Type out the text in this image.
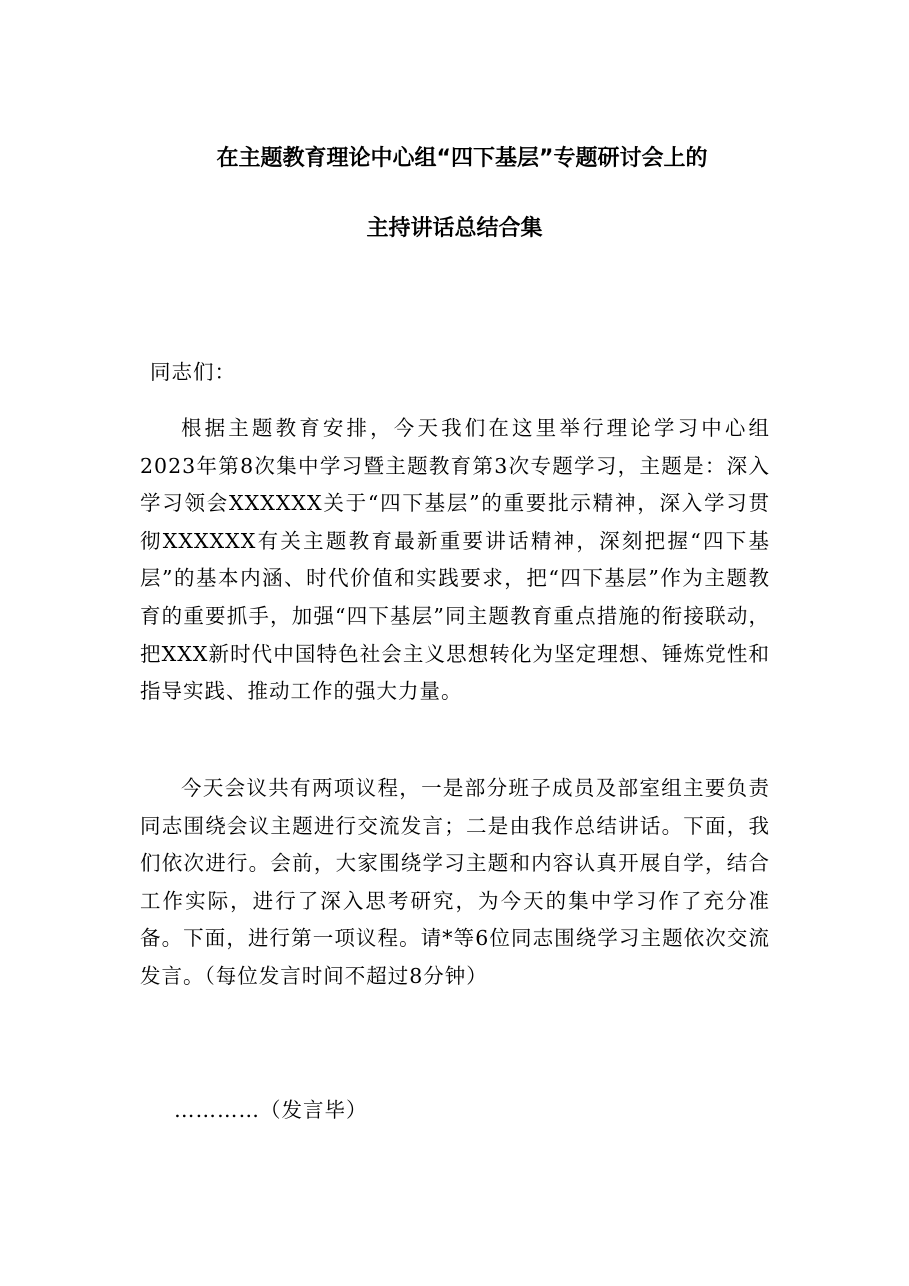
在主题教育理论中心组“四下基层”专题研讨会上的
主持讲话总结合集
同志们：
根据主题教育安排，今天我们在这里举行理论学习中心组2023年第8次集中学习暨主题教育第3次专题学习，主题是：深入学习领会XXXXXX关于“四下基层”的重要批示精神，深入学习贯彻XXXXXX有关主题教育最新重要讲话精神，深刻把握“四下基层”的基本内涵、时代价值和实践要求，把“四下基层”作为主题教育的重要抓手，加强“四下基层”同主题教育重点措施的衔接联动，把XXX新时代中国特色社会主义思想转化为坚定理想、锤炼党性和指导实践、推动工作的强大力量。
今天会议共有两项议程，一是部分班子成员及部室组主要负责同志围绕会议主题进行交流发言；二是由我作总结讲话。下面，我们依次进行。会前，大家围绕学习主题和内容认真开展自学，结合工作实际，进行了深入思考研究，为今天的集中学习作了充分准备。下面，进行第一项议程。请*等6位同志围绕学习主题依次交流发言。（每位发言时间不超过8分钟）
…………（发言毕）
